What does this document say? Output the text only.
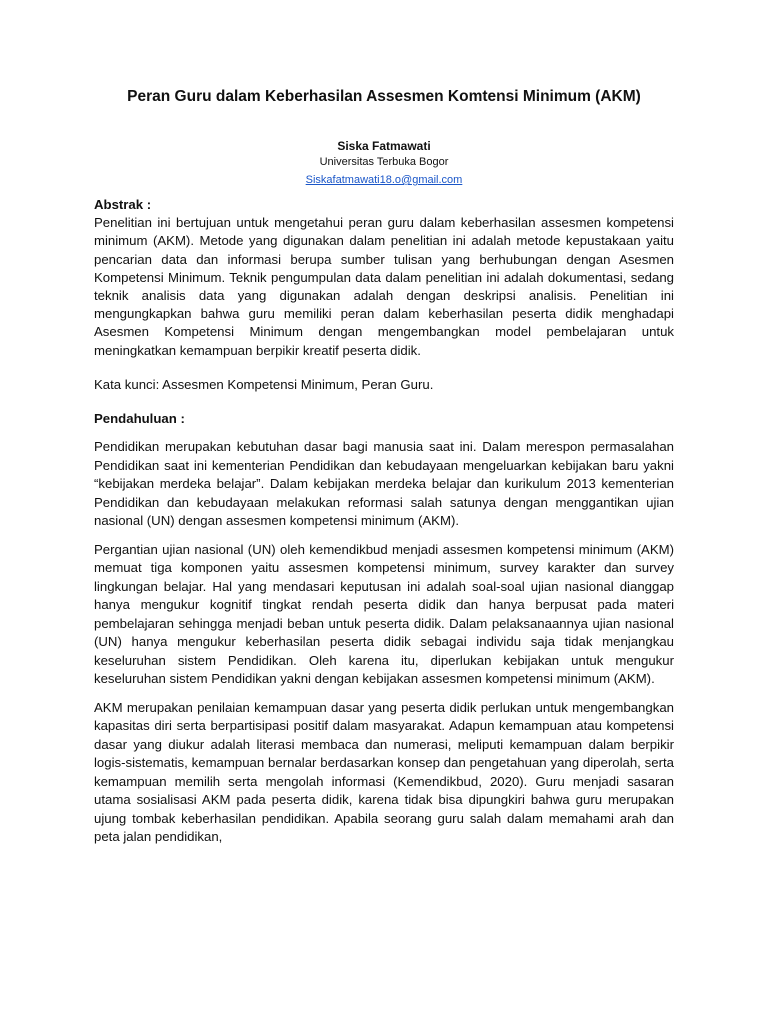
Peran Guru dalam Keberhasilan Assesmen Komtensi Minimum (AKM)
Siska Fatmawati
Universitas Terbuka Bogor
Siskafatmawati18.o@gmail.com
Abstrak :

Penelitian ini bertujuan untuk mengetahui peran guru dalam keberhasilan assesmen kompetensi minimum (AKM). Metode yang digunakan dalam penelitian ini adalah metode kepustakaan yaitu pencarian data dan informasi berupa sumber tulisan yang berhubungan dengan Asesmen Kompetensi Minimum. Teknik pengumpulan data dalam penelitian ini adalah dokumentasi, sedang teknik analisis data yang digunakan adalah dengan deskripsi analisis. Penelitian ini mengungkapkan bahwa guru memiliki peran dalam keberhasilan peserta didik menghadapi Asesmen Kompetensi Minimum dengan mengembangkan model pembelajaran untuk meningkatkan kemampuan berpikir kreatif peserta didik.

Kata kunci: Assesmen Kompetensi Minimum, Peran Guru.

Pendahuluan :

Pendidikan merupakan kebutuhan dasar bagi manusia saat ini. Dalam merespon permasalahan Pendidikan saat ini kementerian Pendidikan dan kebudayaan mengeluarkan kebijakan baru yakni “kebijakan merdeka belajar”. Dalam kebijakan merdeka belajar dan kurikulum 2013 kementerian Pendidikan dan kebudayaan melakukan reformasi salah satunya dengan menggantikan ujian nasional (UN) dengan assesmen kompetensi minimum (AKM).

Pergantian ujian nasional (UN) oleh kemendikbud menjadi assesmen kompetensi minimum (AKM) memuat tiga komponen yaitu assesmen kompetensi minimum, survey karakter dan survey lingkungan belajar. Hal yang mendasari keputusan ini adalah soal-soal ujian nasional dianggap hanya mengukur kognitif tingkat rendah peserta didik dan hanya berpusat pada materi pembelajaran sehingga menjadi beban untuk peserta didik. Dalam pelaksanaannya ujian nasional (UN) hanya mengukur keberhasilan peserta didik sebagai individu saja tidak menjangkau keseluruhan sistem Pendidikan. Oleh karena itu, diperlukan kebijakan untuk mengukur keseluruhan sistem Pendidikan yakni dengan kebijakan assesmen kompetensi minimum (AKM).

AKM merupakan penilaian kemampuan dasar yang peserta didik perlukan untuk mengembangkan kapasitas diri serta berpartisipasi positif dalam masyarakat. Adapun kemampuan atau kompetensi dasar yang diukur adalah literasi membaca dan numerasi, meliputi kemampuan dalam berpikir logis-sistematis, kemampuan bernalar berdasarkan konsep dan pengetahuan yang diperolah, serta kemampuan memilih serta mengolah informasi (Kemendikbud, 2020). Guru menjadi sasaran utama sosialisasi AKM pada peserta didik, karena tidak bisa dipungkiri bahwa guru merupakan ujung tombak keberhasilan pendidikan. Apabila seorang guru salah dalam memahami arah dan peta jalan pendidikan,
